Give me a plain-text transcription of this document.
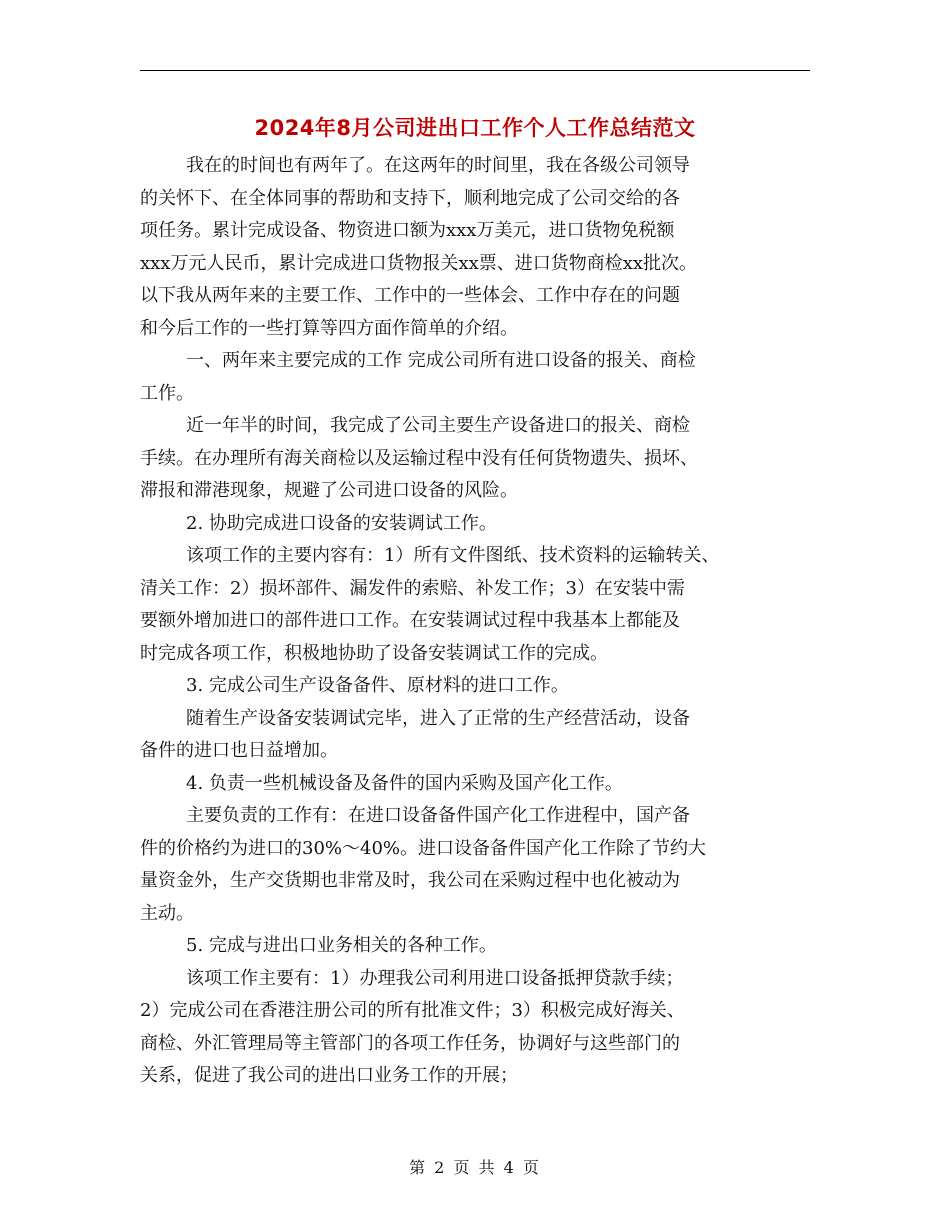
2024年8月公司进出口工作个人工作总结范文

我在的时间也有两年了。在这两年的时间里，我在各级公司领导
的关怀下、在全体同事的帮助和支持下，顺利地完成了公司交给的各
项任务。累计完成设备、物资进口额为xxx万美元，进口货物免税额
xxx万元人民币，累计完成进口货物报关xx票、进口货物商检xx批次。
以下我从两年来的主要工作、工作中的一些体会、工作中存在的问题
和今后工作的一些打算等四方面作简单的介绍。

一、两年来主要完成的工作 完成公司所有进口设备的报关、商检
工作。

近一年半的时间，我完成了公司主要生产设备进口的报关、商检
手续。在办理所有海关商检以及运输过程中没有任何货物遗失、损坏、
滞报和滞港现象，规避了公司进口设备的风险。

2. 协助完成进口设备的安装调试工作。

该项工作的主要内容有：1）所有文件图纸、技术资料的运输转关、
清关工作：2）损坏部件、漏发件的索赔、补发工作；3）在安装中需
要额外增加进口的部件进口工作。在安装调试过程中我基本上都能及
时完成各项工作，积极地协助了设备安装调试工作的完成。

3. 完成公司生产设备备件、原材料的进口工作。

随着生产设备安装调试完毕，进入了正常的生产经营活动，设备
备件的进口也日益增加。

4. 负责一些机械设备及备件的国内采购及国产化工作。

主要负责的工作有：在进口设备备件国产化工作进程中，国产备
件的价格约为进口的30%～40%。进口设备备件国产化工作除了节约大
量资金外，生产交货期也非常及时，我公司在采购过程中也化被动为
主动。

5. 完成与进出口业务相关的各种工作。

该项工作主要有：1）办理我公司利用进口设备抵押贷款手续；
2）完成公司在香港注册公司的所有批准文件；3）积极完成好海关、
商检、外汇管理局等主管部门的各项工作任务，协调好与这些部门的
关系，促进了我公司的进出口业务工作的开展；

第 2 页 共 4 页
